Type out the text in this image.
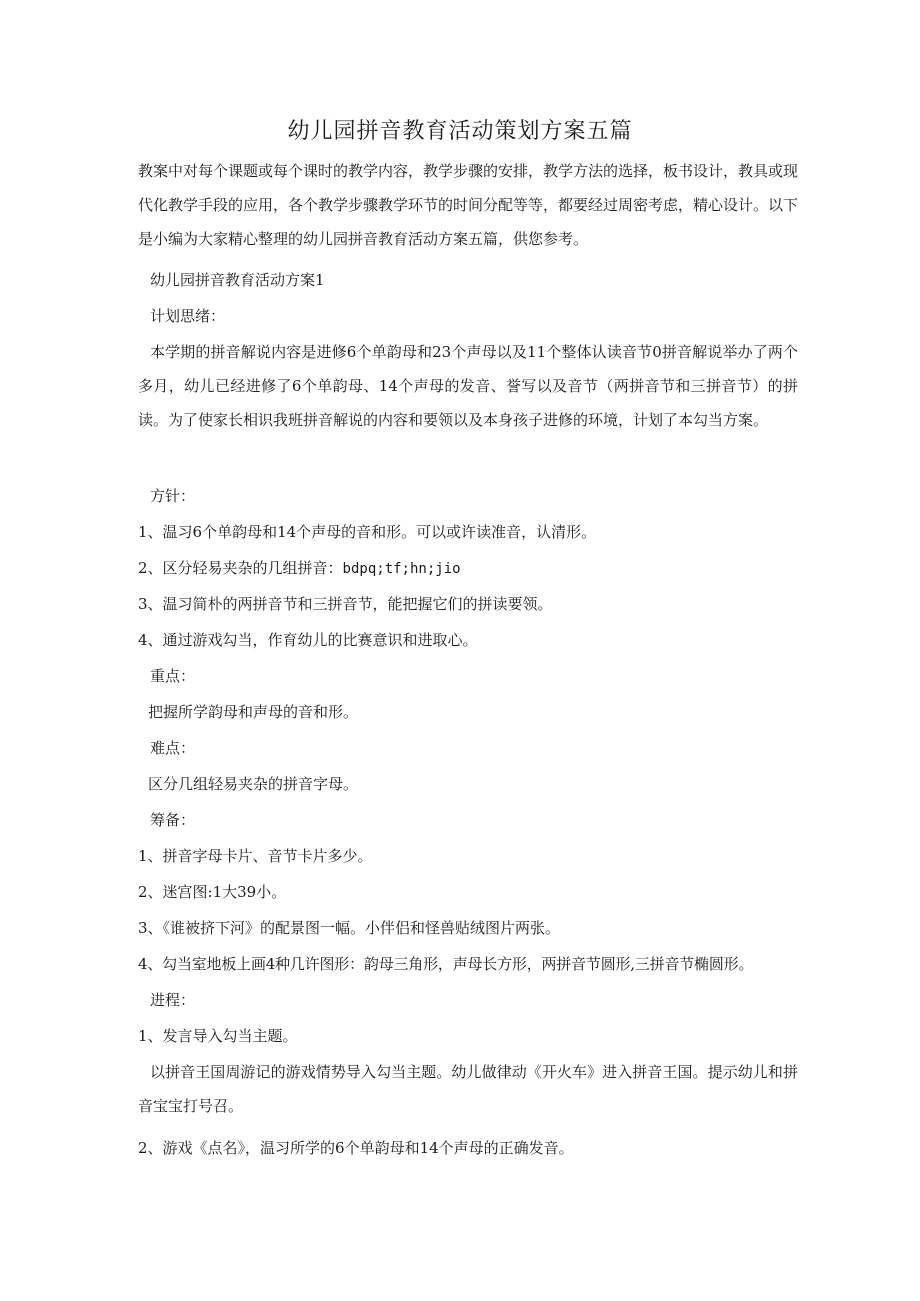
幼儿园拼音教育活动策划方案五篇
教案中对每个课题或每个课时的教学内容，教学步骤的安排，教学方法的选择，板书设计，教具或现代化教学手段的应用，各个教学步骤教学环节的时间分配等等，都要经过周密考虑，精心设计。以下是小编为大家精心整理的幼儿园拼音教育活动方案五篇，供您参考。
幼儿园拼音教育活动方案1
计划思绪：
本学期的拼音解说内容是进修6个单韵母和23个声母以及11个整体认读音节0拼音解说举办了两个多月，幼儿已经进修了6个单韵母、14个声母的发音、誉写以及音节（两拼音节和三拼音节）的拼读。为了使家长相识我班拼音解说的内容和要领以及本身孩子进修的环境，计划了本勾当方案。
方针：
1、温习6个单韵母和14个声母的音和形。可以或许读准音，认清形。
2、区分轻易夹杂的几组拼音：bdpq;tf;hn;jio
3、温习简朴的两拼音节和三拼音节，能把握它们的拼读要领。
4、通过游戏勾当，作育幼儿的比赛意识和进取心。
重点：
把握所学韵母和声母的音和形。
难点：
区分几组轻易夹杂的拼音字母。
筹备：
1、拼音字母卡片、音节卡片多少。
2、迷宫图:1大39小。
3、《谁被挤下河》的配景图一幅。小伴侣和怪兽贴绒图片两张。
4、勾当室地板上画4种几许图形：韵母三角形，声母长方形，两拼音节圆形,三拼音节椭圆形。
进程：
1、发言导入勾当主题。
以拼音王国周游记的游戏情势导入勾当主题。幼儿做律动《开火车》进入拼音王国。提示幼儿和拼音宝宝打号召。
2、游戏《点名》，温习所学的6个单韵母和14个声母的正确发音。
